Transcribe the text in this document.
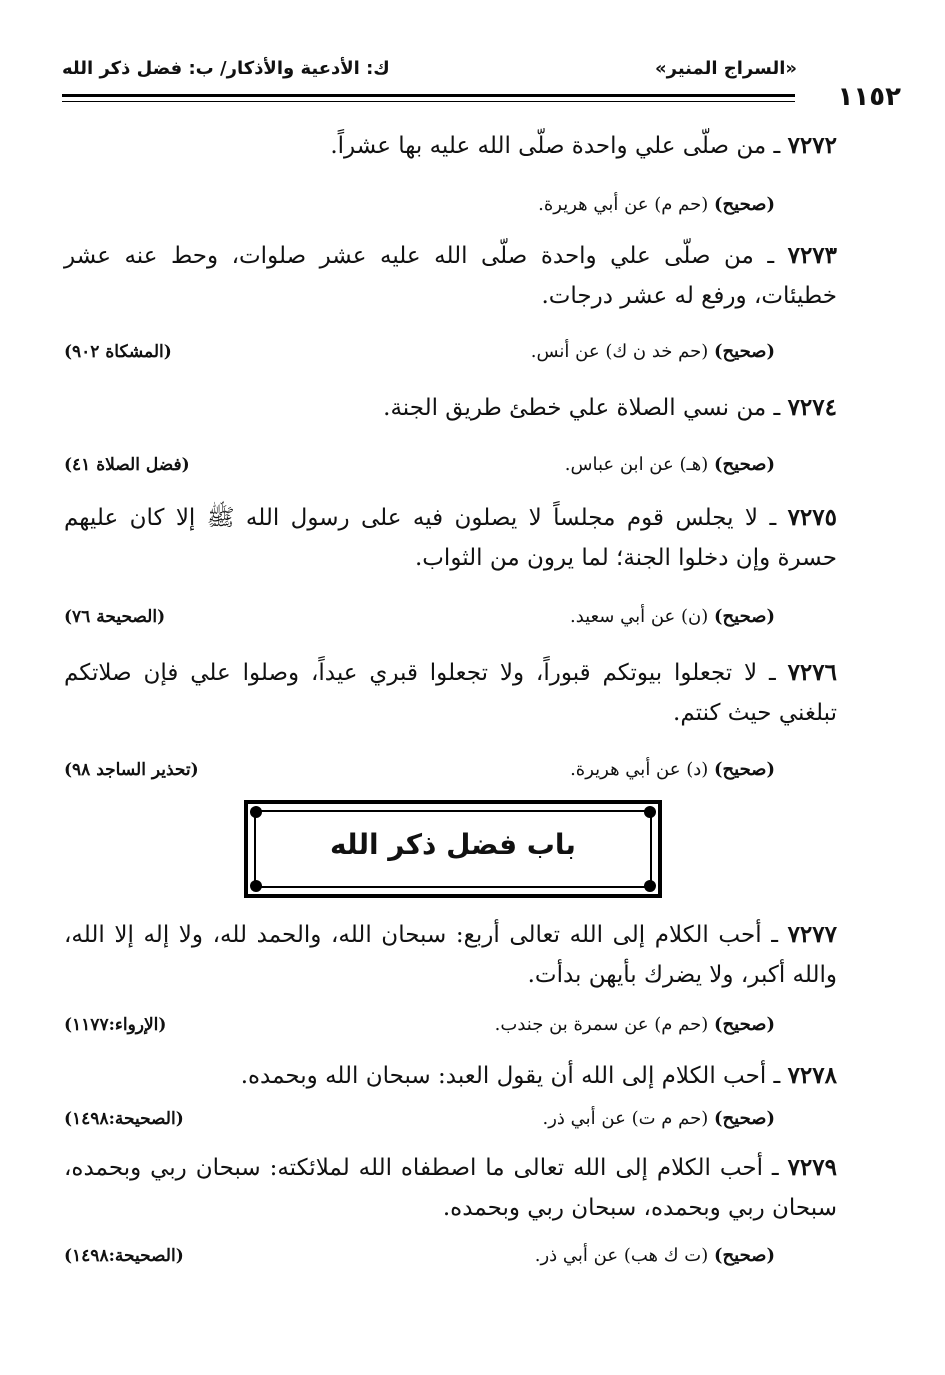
«السراج المنير»
ك: الأدعية والأذكار/ ب: فضل ذكر الله
١١٥٢
٧٢٧٢ ـ من صلّى علي واحدة صلّى الله عليه بها عشراً.
(صحيح) (حم م) عن أبي هريرة.
٧٢٧٣ ـ من صلّى علي واحدة صلّى الله عليه عشر صلوات، وحط عنه عشر خطيئات، ورفع له عشر درجات.
(صحيح) (حم خد ن ك) عن أنس.
(المشكاة ٩٠٢)
٧٢٧٤ ـ من نسي الصلاة علي خطئ طريق الجنة.
(صحيح) (هـ) عن ابن عباس.
(فضل الصلاة ٤١)
٧٢٧٥ ـ لا يجلس قوم مجلساً لا يصلون فيه على رسول الله ﷺ إلا كان عليهم حسرة وإن دخلوا الجنة؛ لما يرون من الثواب.
(صحيح) (ن) عن أبي سعيد.
(الصحيحة ٧٦)
٧٢٧٦ ـ لا تجعلوا بيوتكم قبوراً، ولا تجعلوا قبري عيداً، وصلوا علي فإن صلاتكم تبلغني حيث كنتم.
(صحيح) (د) عن أبي هريرة.
(تحذير الساجد ٩٨)
باب فضل ذكر الله
٧٢٧٧ ـ أحب الكلام إلى الله تعالى أربع: سبحان الله، والحمد لله، ولا إله إلا الله، والله أكبر، ولا يضرك بأيهن بدأت.
(صحيح) (حم م) عن سمرة بن جندب.
(الإرواء:١١٧٧)
٧٢٧٨ ـ أحب الكلام إلى الله أن يقول العبد: سبحان الله وبحمده.
(صحيح) (حم م ت) عن أبي ذر.
(الصحيحة:١٤٩٨)
٧٢٧٩ ـ أحب الكلام إلى الله تعالى ما اصطفاه الله لملائكته: سبحان ربي وبحمده، سبحان ربي وبحمده، سبحان ربي وبحمده.
(صحيح) (ت ك هب) عن أبي ذر.
(الصحيحة:١٤٩٨)
